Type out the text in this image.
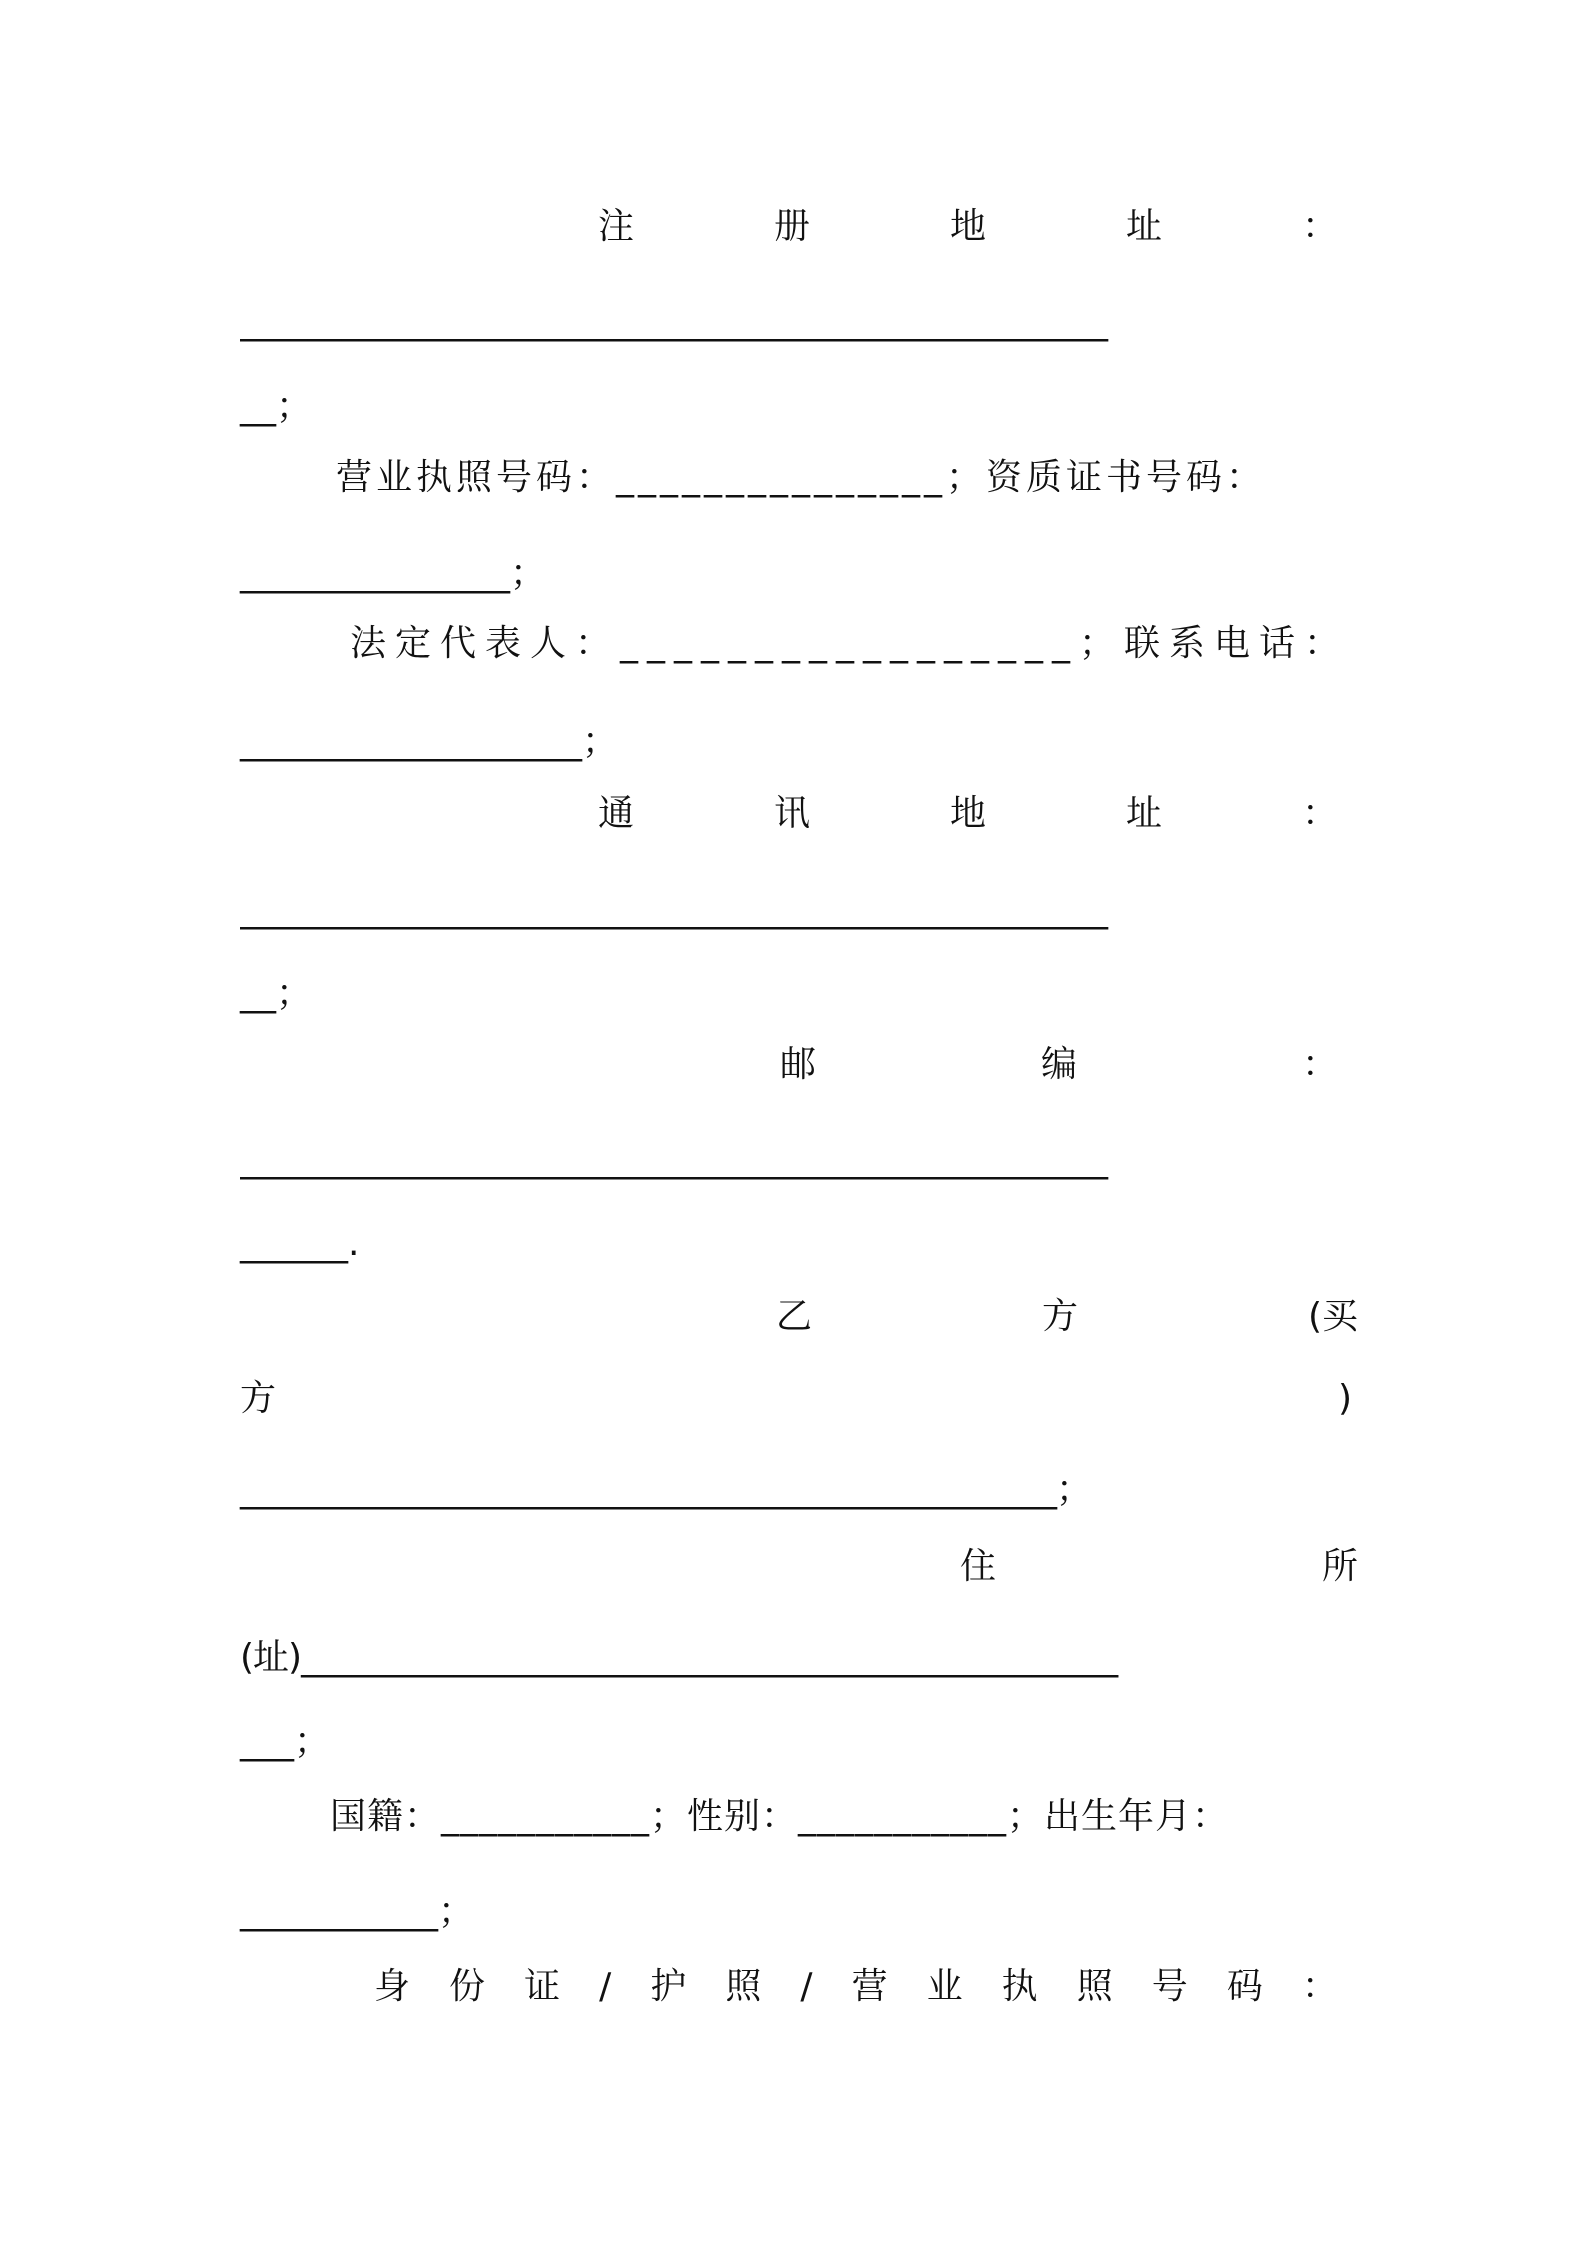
注	册	地	址	：
___________________________________________________
__；
营业执照号码：_______________；资质证书号码：
_______________；
法定代表人：_________________；联系电话：
___________________；
通	讯	地	址	：
___________________________________________________
__；
邮	编	：
___________________________________________________
______.
乙	方	(买
方	)
________________________________________________；
住	所
(址)________________________________________________
___；
国籍：___________；性别：___________；出生年月：
___________；
身 份 证 / 护 照 / 营 业 执 照 号 码 ：
